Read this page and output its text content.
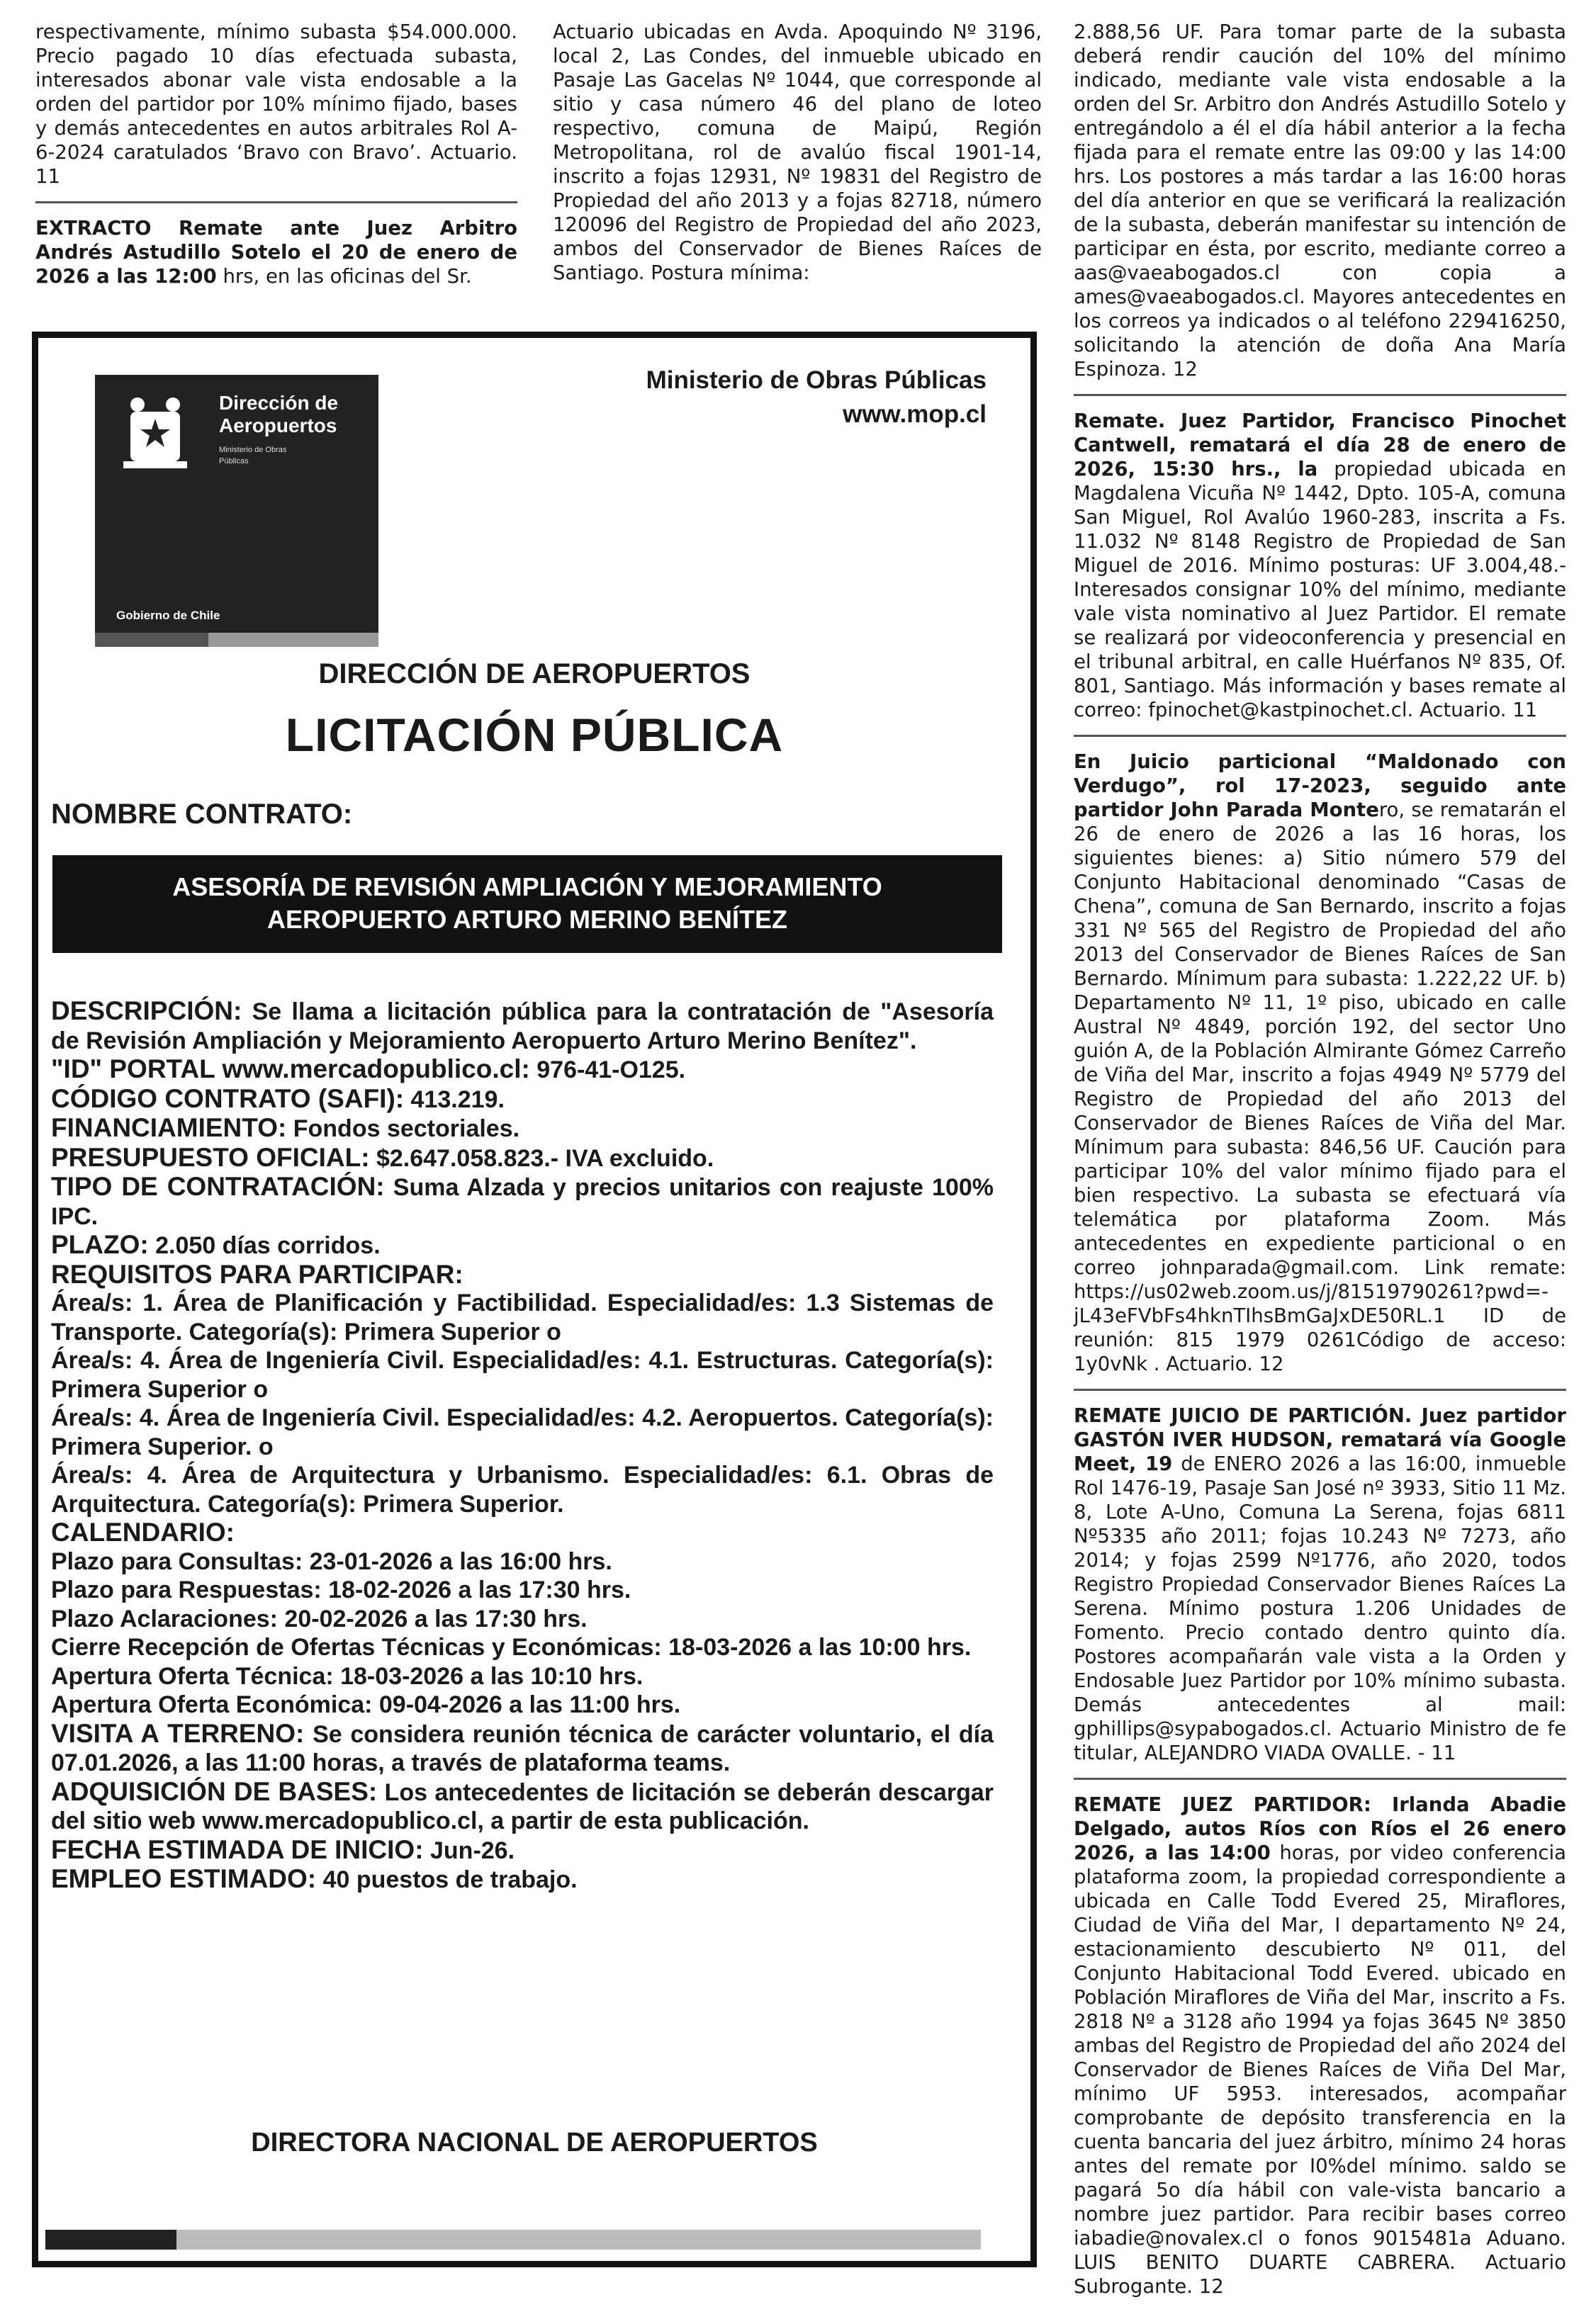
respectivamente, mínimo subasta $54.000.000. Precio pagado 10 días efectuada subasta, interesados abonar vale vista endosable a la orden del partidor por 10% mínimo fijado, bases y demás antecedentes en autos arbitrales Rol A-6-2024 caratulados ‘Bravo con Bravo’. Actuario. 11

EXTRACTO Remate ante Juez Arbitro Andrés Astudillo Sotelo el 20 de enero de 2026 a las 12:00 hrs, en las oficinas del Sr.

Actuario ubicadas en Avda. Apoquindo Nº 3196, local 2, Las Condes, del inmueble ubicado en Pasaje Las Gacelas Nº 1044, que corresponde al sitio y casa número 46 del plano de loteo respectivo, comuna de Maipú, Región Metropolitana, rol de avalúo fiscal 1901-14, inscrito a fojas 12931, Nº 19831 del Registro de Propiedad del año 2013 y a fojas 82718, número 120096 del Registro de Propiedad del año 2023, ambos del Conservador de Bienes Raíces de Santiago. Postura mínima:

2.888,56 UF. Para tomar parte de la subasta deberá rendir caución del 10% del mínimo indicado, mediante vale vista endosable a la orden del Sr. Arbitro don Andrés Astudillo Sotelo y entregándolo a él el día hábil anterior a la fecha fijada para el remate entre las 09:00 y las 14:00 hrs. Los postores a más tardar a las 16:00 horas del día anterior en que se verificará la realización de la subasta, deberán manifestar su intención de participar en ésta, por escrito, mediante correo a aas@vaeabogados.cl con copia a ames@vaeabogados.cl. Mayores antecedentes en los correos ya indicados o al teléfono 229416250, solicitando la atención de doña Ana María Espinoza. 12

Remate. Juez Partidor, Francisco Pinochet Cantwell, rematará el día 28 de enero de 2026, 15:30 hrs., la propiedad ubicada en Magdalena Vicuña Nº 1442, Dpto. 105-A, comuna San Miguel, Rol Avalúo 1960-283, inscrita a Fs. 11.032 Nº 8148 Registro de Propiedad de San Miguel de 2016. Mínimo posturas: UF 3.004,48.- Interesados consignar 10% del mínimo, mediante vale vista nominativo al Juez Partidor. El remate se realizará por videoconferencia y presencial en el tribunal arbitral, en calle Huérfanos Nº 835, Of. 801, Santiago. Más información y bases remate al correo: fpinochet@kastpinochet.cl. Actuario. 11

En Juicio particional “Maldonado con Verdugo”, rol 17-2023, seguido ante partidor John Parada Montero, se rematarán el 26 de enero de 2026 a las 16 horas, los siguientes bienes: a) Sitio número 579 del Conjunto Habitacional denominado “Casas de Chena”, comuna de San Bernardo, inscrito a fojas 331 Nº 565 del Registro de Propiedad del año 2013 del Conservador de Bienes Raíces de San Bernardo. Mínimum para subasta: 1.222,22 UF. b) Departamento Nº 11, 1º piso, ubicado en calle Austral Nº 4849, porción 192, del sector Uno guión A, de la Población Almirante Gómez Carreño de Viña del Mar, inscrito a fojas 4949 Nº 5779 del Registro de Propiedad del año 2013 del Conservador de Bienes Raíces de Viña del Mar. Mínimum para subasta: 846,56 UF. Caución para participar 10% del valor mínimo fijado para el bien respectivo. La subasta se efectuará vía telemática por plataforma Zoom. Más antecedentes en expediente particional o en correo johnparada@gmail.com. Link remate: https://us02web.zoom.us/j/81519790261?pwd=-jL43eFVbFs4hknTIhsBmGaJxDE50RL.1 ID de reunión: 815 1979 0261Código de acceso: 1y0vNk . Actuario. 12

REMATE JUICIO DE PARTICIÓN. Juez partidor GASTÓN IVER HUDSON, rematará vía Google Meet, 19 de ENERO 2026 a las 16:00, inmueble Rol 1476-19, Pasaje San José nº 3933, Sitio 11 Mz. 8, Lote A-Uno, Comuna La Serena, fojas 6811 Nº5335 año 2011; fojas 10.243 Nº 7273, año 2014; y fojas 2599 Nº1776, año 2020, todos Registro Propiedad Conservador Bienes Raíces La Serena. Mínimo postura 1.206 Unidades de Fomento. Precio contado dentro quinto día. Postores acompañarán vale vista a la Orden y Endosable Juez Partidor por 10% mínimo subasta. Demás antecedentes al mail: gphillips@sypabogados.cl. Actuario Ministro de fe titular, ALEJANDRO VIADA OVALLE. - 11

REMATE JUEZ PARTIDOR: Irlanda Abadie Delgado, autos Ríos con Ríos el 26 enero 2026, a las 14:00 horas, por video conferencia plataforma zoom, la propiedad correspondiente a ubicada en Calle Todd Evered 25, Miraflores, Ciudad de Viña del Mar, I departamento Nº 24, estacionamiento descubierto Nº 011, del Conjunto Habitacional Todd Evered. ubicado en Población Miraflores de Viña del Mar, inscrito a Fs. 2818 Nº a 3128 año 1994 ya fojas 3645 Nº 3850 ambas del Registro de Propiedad del año 2024 del Conservador de Bienes Raíces de Viña Del Mar, mínimo UF 5953. interesados, acompañar comprobante de depósito transferencia en la cuenta bancaria del juez árbitro, mínimo 24 horas antes del remate por I0%del mínimo. saldo se pagará 5o día hábil con vale-vista bancario a nombre juez partidor. Para recibir bases correo iabadie@novalex.cl o fonos 9015481a Aduano. LUIS BENITO DUARTE CABRERA. Actuario Subrogante. 12

Dirección de
Aeropuertos
Ministerio de Obras
Públicas
Gobierno de Chile
Ministerio de Obras Públicas
www.mop.cl
DIRECCIÓN DE AEROPUERTOS
LICITACIÓN PÚBLICA
NOMBRE CONTRATO:
ASESORÍA DE REVISIÓN AMPLIACIÓN Y MEJORAMIENTO
AEROPUERTO ARTURO MERINO BENÍTEZ

DESCRIPCIÓN: Se llama a licitación pública para la contratación de "Asesoría de Revisión Ampliación y Mejoramiento Aeropuerto Arturo Merino Benítez".

"ID" PORTAL www.mercadopublico.cl: 976-41-O125.

CÓDIGO CONTRATO (SAFI): 413.219.

FINANCIAMIENTO: Fondos sectoriales.

PRESUPUESTO OFICIAL: $2.647.058.823.- IVA excluido.

TIPO DE CONTRATACIÓN: Suma Alzada y precios unitarios con reajuste 100% IPC.

PLAZO: 2.050 días corridos.

REQUISITOS PARA PARTICIPAR:

Área/s: 1. Área de Planificación y Factibilidad. Especialidad/es: 1.3 Sistemas de Transporte. Categoría(s): Primera Superior o

Área/s: 4. Área de Ingeniería Civil. Especialidad/es: 4.1. Estructuras. Categoría(s): Primera Superior o

Área/s: 4. Área de Ingeniería Civil. Especialidad/es: 4.2. Aeropuertos. Categoría(s): Primera Superior. o

Área/s: 4. Área de Arquitectura y Urbanismo. Especialidad/es: 6.1. Obras de Arquitectura. Categoría(s): Primera Superior.

CALENDARIO:

Plazo para Consultas: 23-01-2026 a las 16:00 hrs.

Plazo para Respuestas: 18-02-2026 a las 17:30 hrs.

Plazo Aclaraciones: 20-02-2026 a las 17:30 hrs.

Cierre Recepción de Ofertas Técnicas y Económicas: 18-03-2026 a las 10:00 hrs.

Apertura Oferta Técnica: 18-03-2026 a las 10:10 hrs.

Apertura Oferta Económica: 09-04-2026 a las 11:00 hrs.

VISITA A TERRENO: Se considera reunión técnica de carácter voluntario, el día 07.01.2026, a las 11:00 horas, a través de plataforma teams.

ADQUISICIÓN DE BASES: Los antecedentes de licitación se deberán descargar del sitio web www.mercadopublico.cl, a partir de esta publicación.

FECHA ESTIMADA DE INICIO: Jun-26.

EMPLEO ESTIMADO: 40 puestos de trabajo.

DIRECTORA NACIONAL DE AEROPUERTOS
